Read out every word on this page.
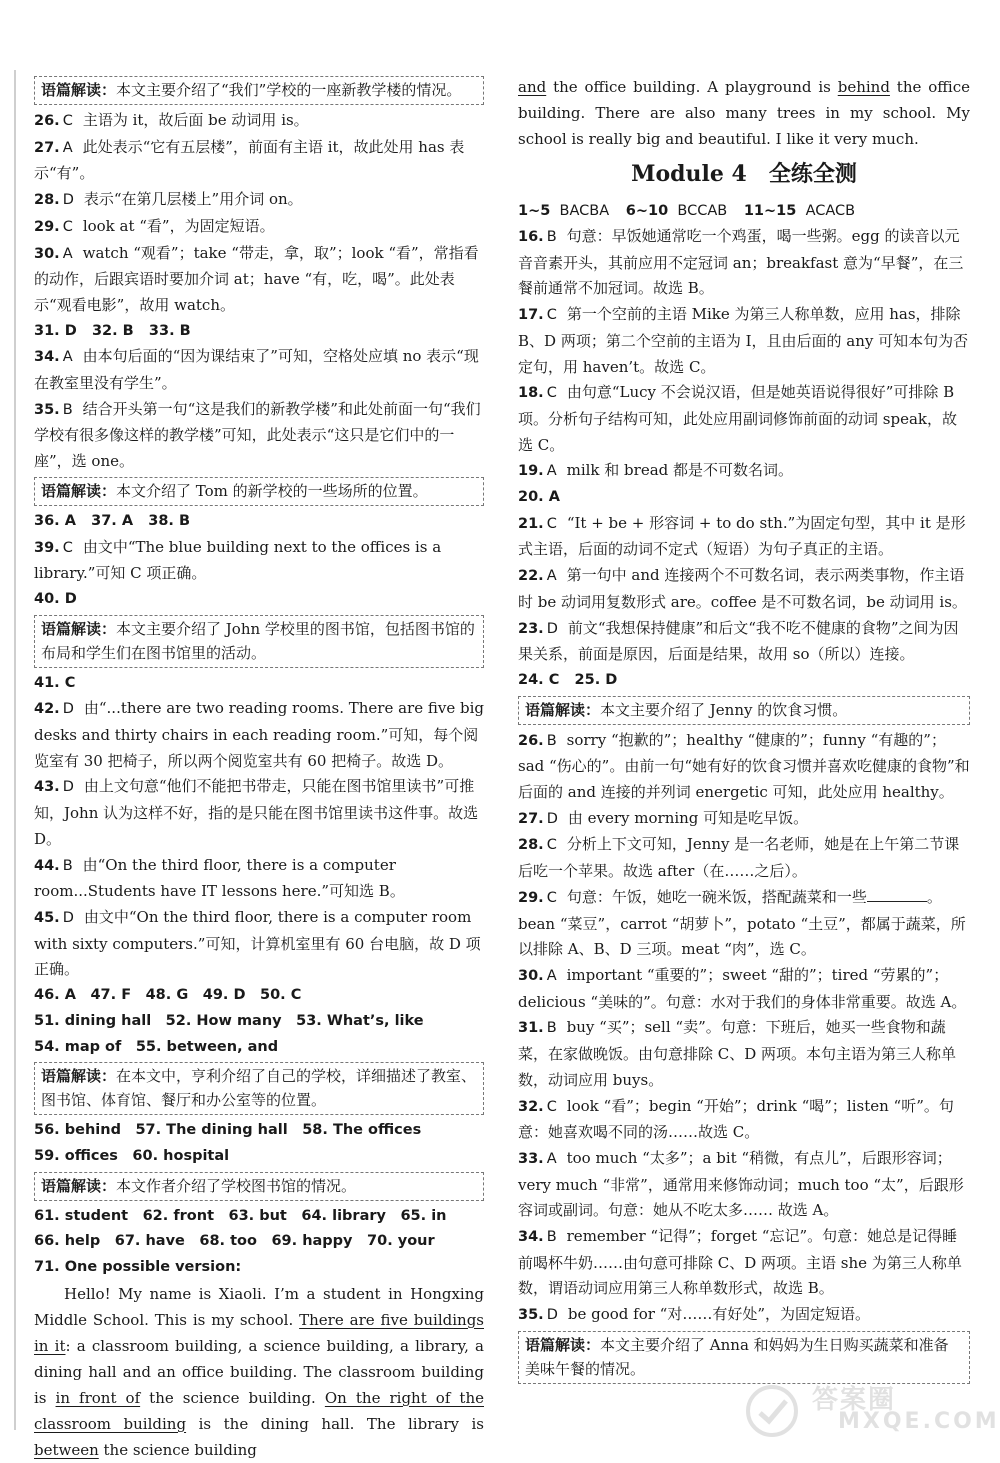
语篇解读：本文主要介绍了“我们”学校的一座新教学楼的情况。
26. C 主语为 it，故后面 be 动词用 is。
27. A 此处表示“它有五层楼”，前面有主语 it，故此处用 has 表示“有”。
28. D 表示“在第几层楼上”用介词 on。
29. C look at “看”，为固定短语。
30. A watch “观看”；take “带走，拿，取”；look “看”，常指看的动作，后跟宾语时要加介词 at；have “有，吃，喝”。此处表示“观看电影”，故用 watch。
31. D 32. B 33. B
34. A 由本句后面的“因为课结束了”可知，空格处应填 no 表示“现在教室里没有学生”。
35. B 结合开头第一句“这是我们的新教学楼”和此处前面一句“我们学校有很多像这样的教学楼”可知，此处表示“这只是它们中的一座”，选 one。
语篇解读：本文介绍了 Tom 的新学校的一些场所的位置。
36. A 37. A 38. B
39. C 由文中“The blue building next to the offices is a library.”可知 C 项正确。
40. D
语篇解读：本文主要介绍了 John 学校里的图书馆，包括图书馆的布局和学生们在图书馆里的活动。
41. C
42. D 由“...there are two reading rooms. There are five big desks and thirty chairs in each reading room.”可知，每个阅览室有 30 把椅子，所以两个阅览室共有 60 把椅子。故选 D。
43. D 由上文句意“他们不能把书带走，只能在图书馆里读书”可推知，John 认为这样不好，指的是只能在图书馆里读书这件事。故选 D。
44. B 由“On the third floor, there is a computer room...Students have IT lessons here.”可知选 B。
45. D 由文中“On the third floor, there is a computer room with sixty computers.”可知，计算机室里有 60 台电脑，故 D 项正确。
46. A　47. F　48. G　49. D　50. C
51. dining hall　52. How many　53. What’s, like
54. map of　55. between, and
语篇解读：在本文中，亨利介绍了自己的学校，详细描述了教室、图书馆、体育馆、餐厅和办公室等的位置。
56. behind　57. The dining hall　58. The offices
59. offices　60. hospital
语篇解读：本文作者介绍了学校图书馆的情况。
61. student　62. front　63. but　64. library　65. in
66. help　67. have　68. too　69. happy　70. your
71. One possible version:

Hello! My name is Xiaoli. I’m a student in Hongxing Middle School. This is my school. There are five buildings in it: a classroom building, a science building, a library, a dining hall and an office building. The classroom building is in front of the science building. On the right of the classroom building is the dining hall. The library is between the science building

and the office building. A playground is behind the office building. There are also many trees in my school. My school is really big and beautiful. I like it very much.

Module 4　全练全测
1~5 BACBA 6~10 BCCAB 11~15 ACACB
16. B 句意：早饭她通常吃一个鸡蛋，喝一些粥。egg 的读音以元音音素开头，其前应用不定冠词 an；breakfast 意为“早餐”，在三餐前通常不加冠词。故选 B。
17. C 第一个空前的主语 Mike 为第三人称单数，应用 has，排除 B、D 两项；第二个空前的主语为 I，且由后面的 any 可知本句为否定句，用 haven’t。故选 C。
18. C 由句意“Lucy 不会说汉语，但是她英语说得很好”可排除 B 项。分析句子结构可知，此处应用副词修饰前面的动词 speak，故选 C。
19. A milk 和 bread 都是不可数名词。
20. A
21. C “It + be + 形容词 + to do sth.”为固定句型，其中 it 是形式主语，后面的动词不定式（短语）为句子真正的主语。
22. A 第一句中 and 连接两个不可数名词，表示两类事物，作主语时 be 动词用复数形式 are。coffee 是不可数名词，be 动词用 is。
23. D 前文“我想保持健康”和后文“我不吃不健康的食物”之间为因果关系，前面是原因，后面是结果，故用 so（所以）连接。
24. C 25. D
语篇解读：本文主要介绍了 Jenny 的饮食习惯。
26. B sorry “抱歉的”；healthy “健康的”；funny “有趣的”；sad “伤心的”。由前一句“她有好的饮食习惯并喜欢吃健康的食物”和后面的 and 连接的并列词 energetic 可知，此处应用 healthy。
27. D 由 every morning 可知是吃早饭。
28. C 分析上下文可知，Jenny 是一名老师，她是在上午第二节课后吃一个苹果。故选 after（在……之后）。
29. C 句意：午饭，她吃一碗米饭，搭配蔬菜和一些	。bean “菜豆”，carrot “胡萝卜”，potato “土豆”，都属于蔬菜，所以排除 A、B、D 三项。meat “肉”，选 C。
30. A important “重要的”；sweet “甜的”；tired “劳累的”；delicious “美味的”。句意：水对于我们的身体非常重要。故选 A。
31. B buy “买”；sell “卖”。句意：下班后，她买一些食物和蔬菜，在家做晚饭。由句意排除 C、D 两项。本句主语为第三人称单数，动词应用 buys。
32. C look “看”；begin “开始”；drink “喝”；listen “听”。句意：她喜欢喝不同的汤……故选 C。
33. A too much “太多”；a bit “稍微，有点儿”，后跟形容词；very much “非常”，通常用来修饰动词；much too “太”，后跟形容词或副词。句意：她从不吃太多…… 故选 A。
34. B remember “记得”；forget “忘记”。句意：她总是记得睡前喝杯牛奶……由句意可排除 C、D 两项。主语 she 为第三人称单数，谓语动词应用第三人称单数形式，故选 B。
35. D be good for “对……有好处”，为固定短语。
语篇解读：本文主要介绍了 Anna 和妈妈为生日购买蔬菜和准备美味午餐的情况。
答案圈
MXQE.COM
